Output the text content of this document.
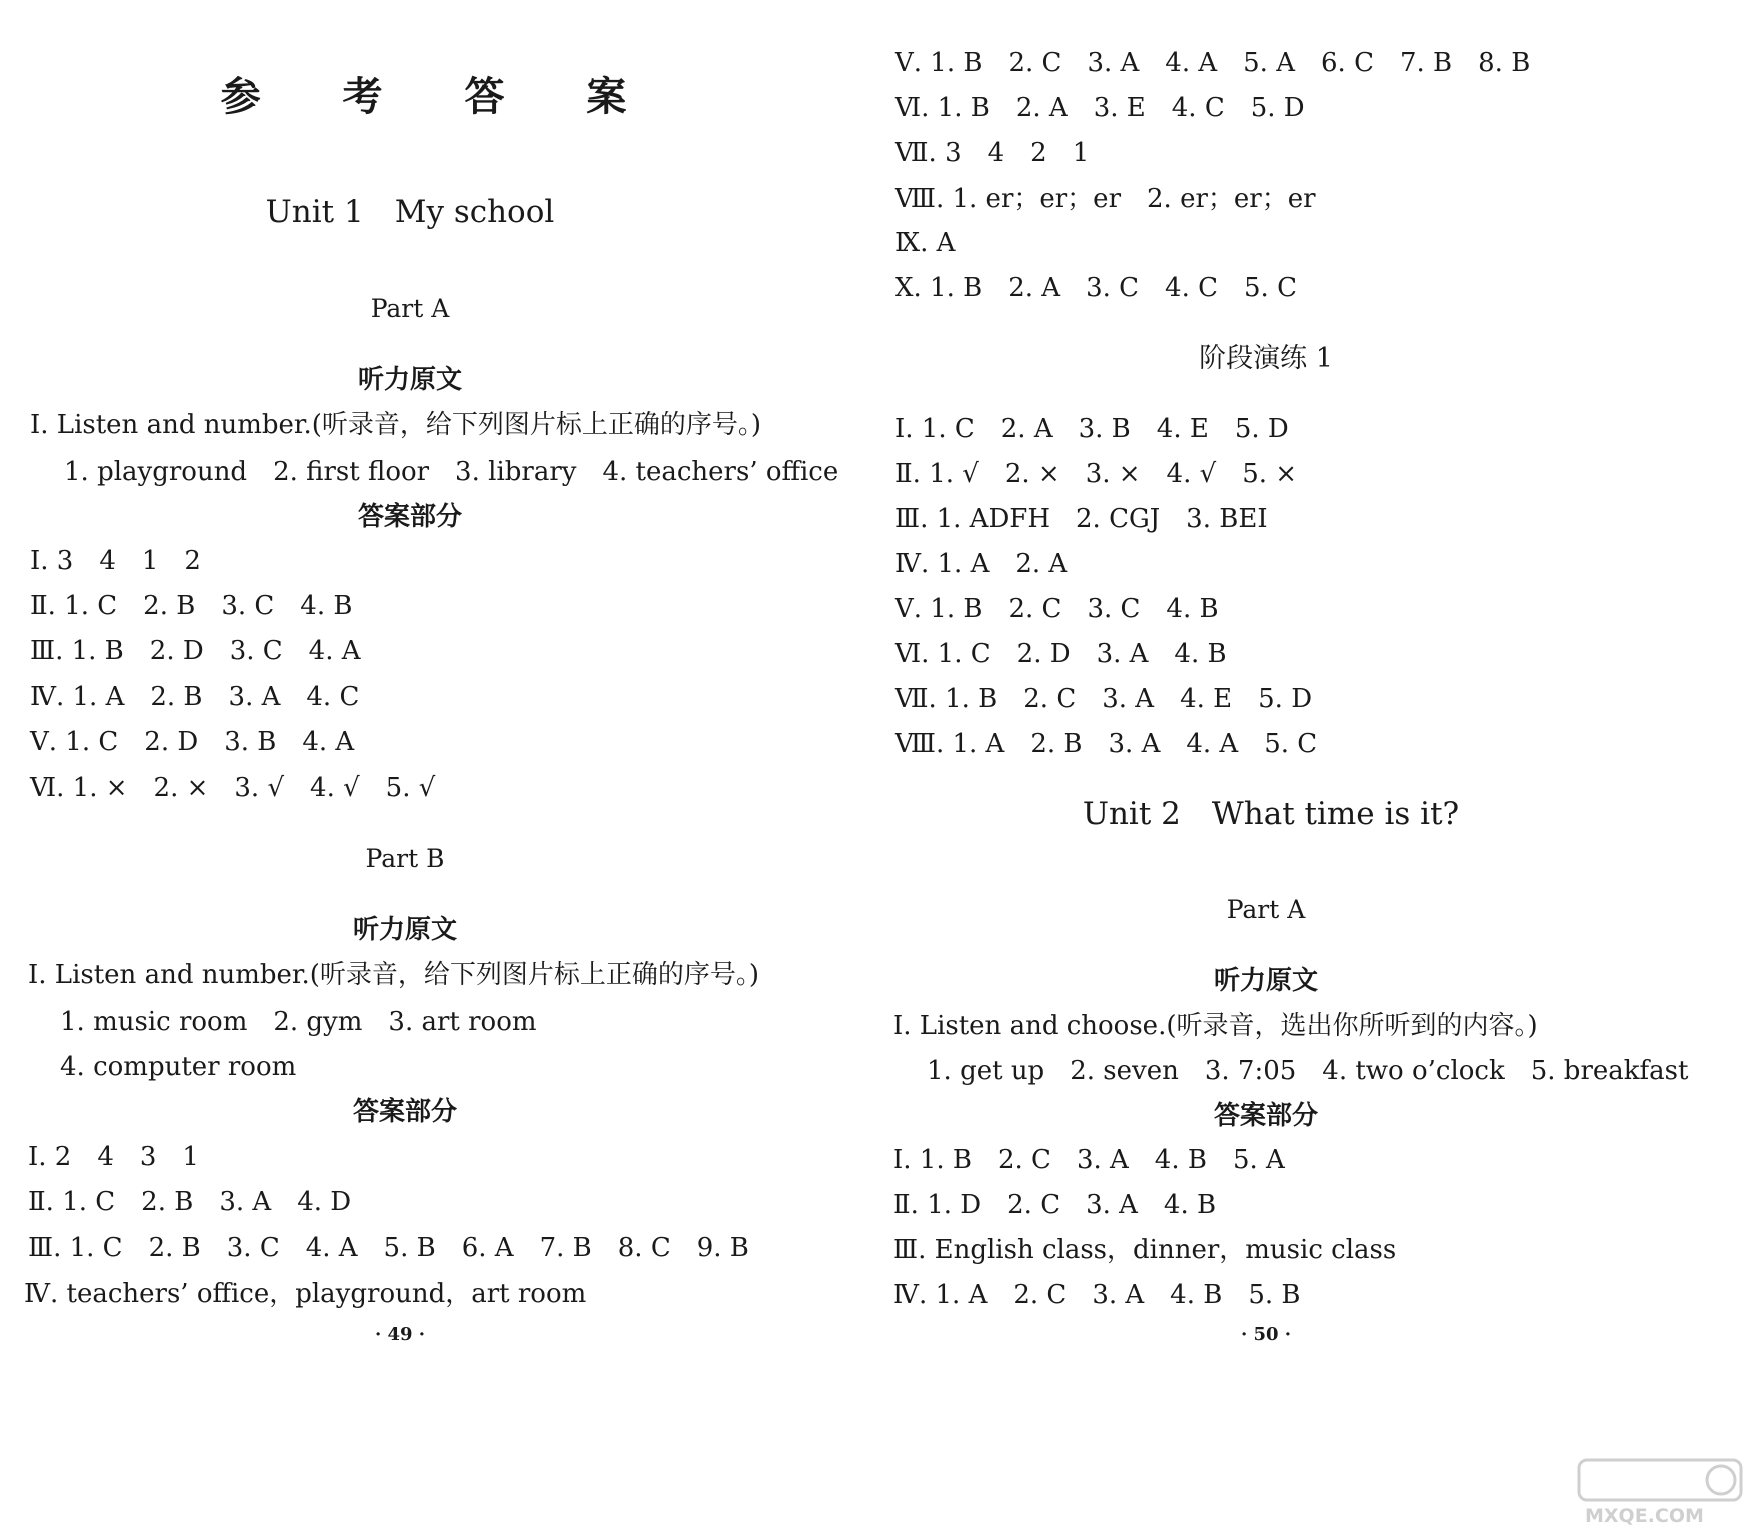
参 考 答 案
Unit 1　My school
Part A
听力原文
Ⅰ. Listen and number.(听录音，给下列图片标上正确的序号。)
1. playground　2. first floor　3. library　4. teachers’ office
答案部分
Ⅰ. 3　4　1　2
Ⅱ. 1. C　2. B　3. C　4. B
Ⅲ. 1. B　2. D　3. C　4. A
Ⅳ. 1. A　2. B　3. A　4. C
Ⅴ. 1. C　2. D　3. B　4. A
Ⅵ. 1. ×　2. ×　3. √　4. √　5. √
Part B
听力原文
Ⅰ. Listen and number.(听录音，给下列图片标上正确的序号。)
1. music room　2. gym　3. art room
4. computer room
答案部分
Ⅰ. 2　4　3　1
Ⅱ. 1. C　2. B　3. A　4. D
Ⅲ. 1. C　2. B　3. C　4. A　5. B　6. A　7. B　8. C　9. B
Ⅳ. teachers’ office，playground，art room
· 49 ·
Ⅴ. 1. B　2. C　3. A　4. A　5. A　6. C　7. B　8. B
Ⅵ. 1. B　2. A　3. E　4. C　5. D
Ⅶ. 3　4　2　1
Ⅷ. 1. er；er；er　2. er；er；er
Ⅸ. A
Ⅹ. 1. B　2. A　3. C　4. C　5. C
阶段演练 1
Ⅰ. 1. C　2. A　3. B　4. E　5. D
Ⅱ. 1. √　2. ×　3. ×　4. √　5. ×
Ⅲ. 1. ADFH　2. CGJ　3. BEI
Ⅳ. 1. A　2. A
Ⅴ. 1. B　2. C　3. C　4. B
Ⅵ. 1. C　2. D　3. A　4. B
Ⅶ. 1. B　2. C　3. A　4. E　5. D
Ⅷ. 1. A　2. B　3. A　4. A　5. C
Unit 2　What time is it?
Part A
听力原文
Ⅰ. Listen and choose.(听录音，选出你所听到的内容。)
1. get up　2. seven　3. 7:05　4. two o’clock　5. breakfast
答案部分
Ⅰ. 1. B　2. C　3. A　4. B　5. A
Ⅱ. 1. D　2. C　3. A　4. B
Ⅲ. English class，dinner，music class
Ⅳ. 1. A　2. C　3. A　4. B　5. B
· 50 ·
MXQE.COM
